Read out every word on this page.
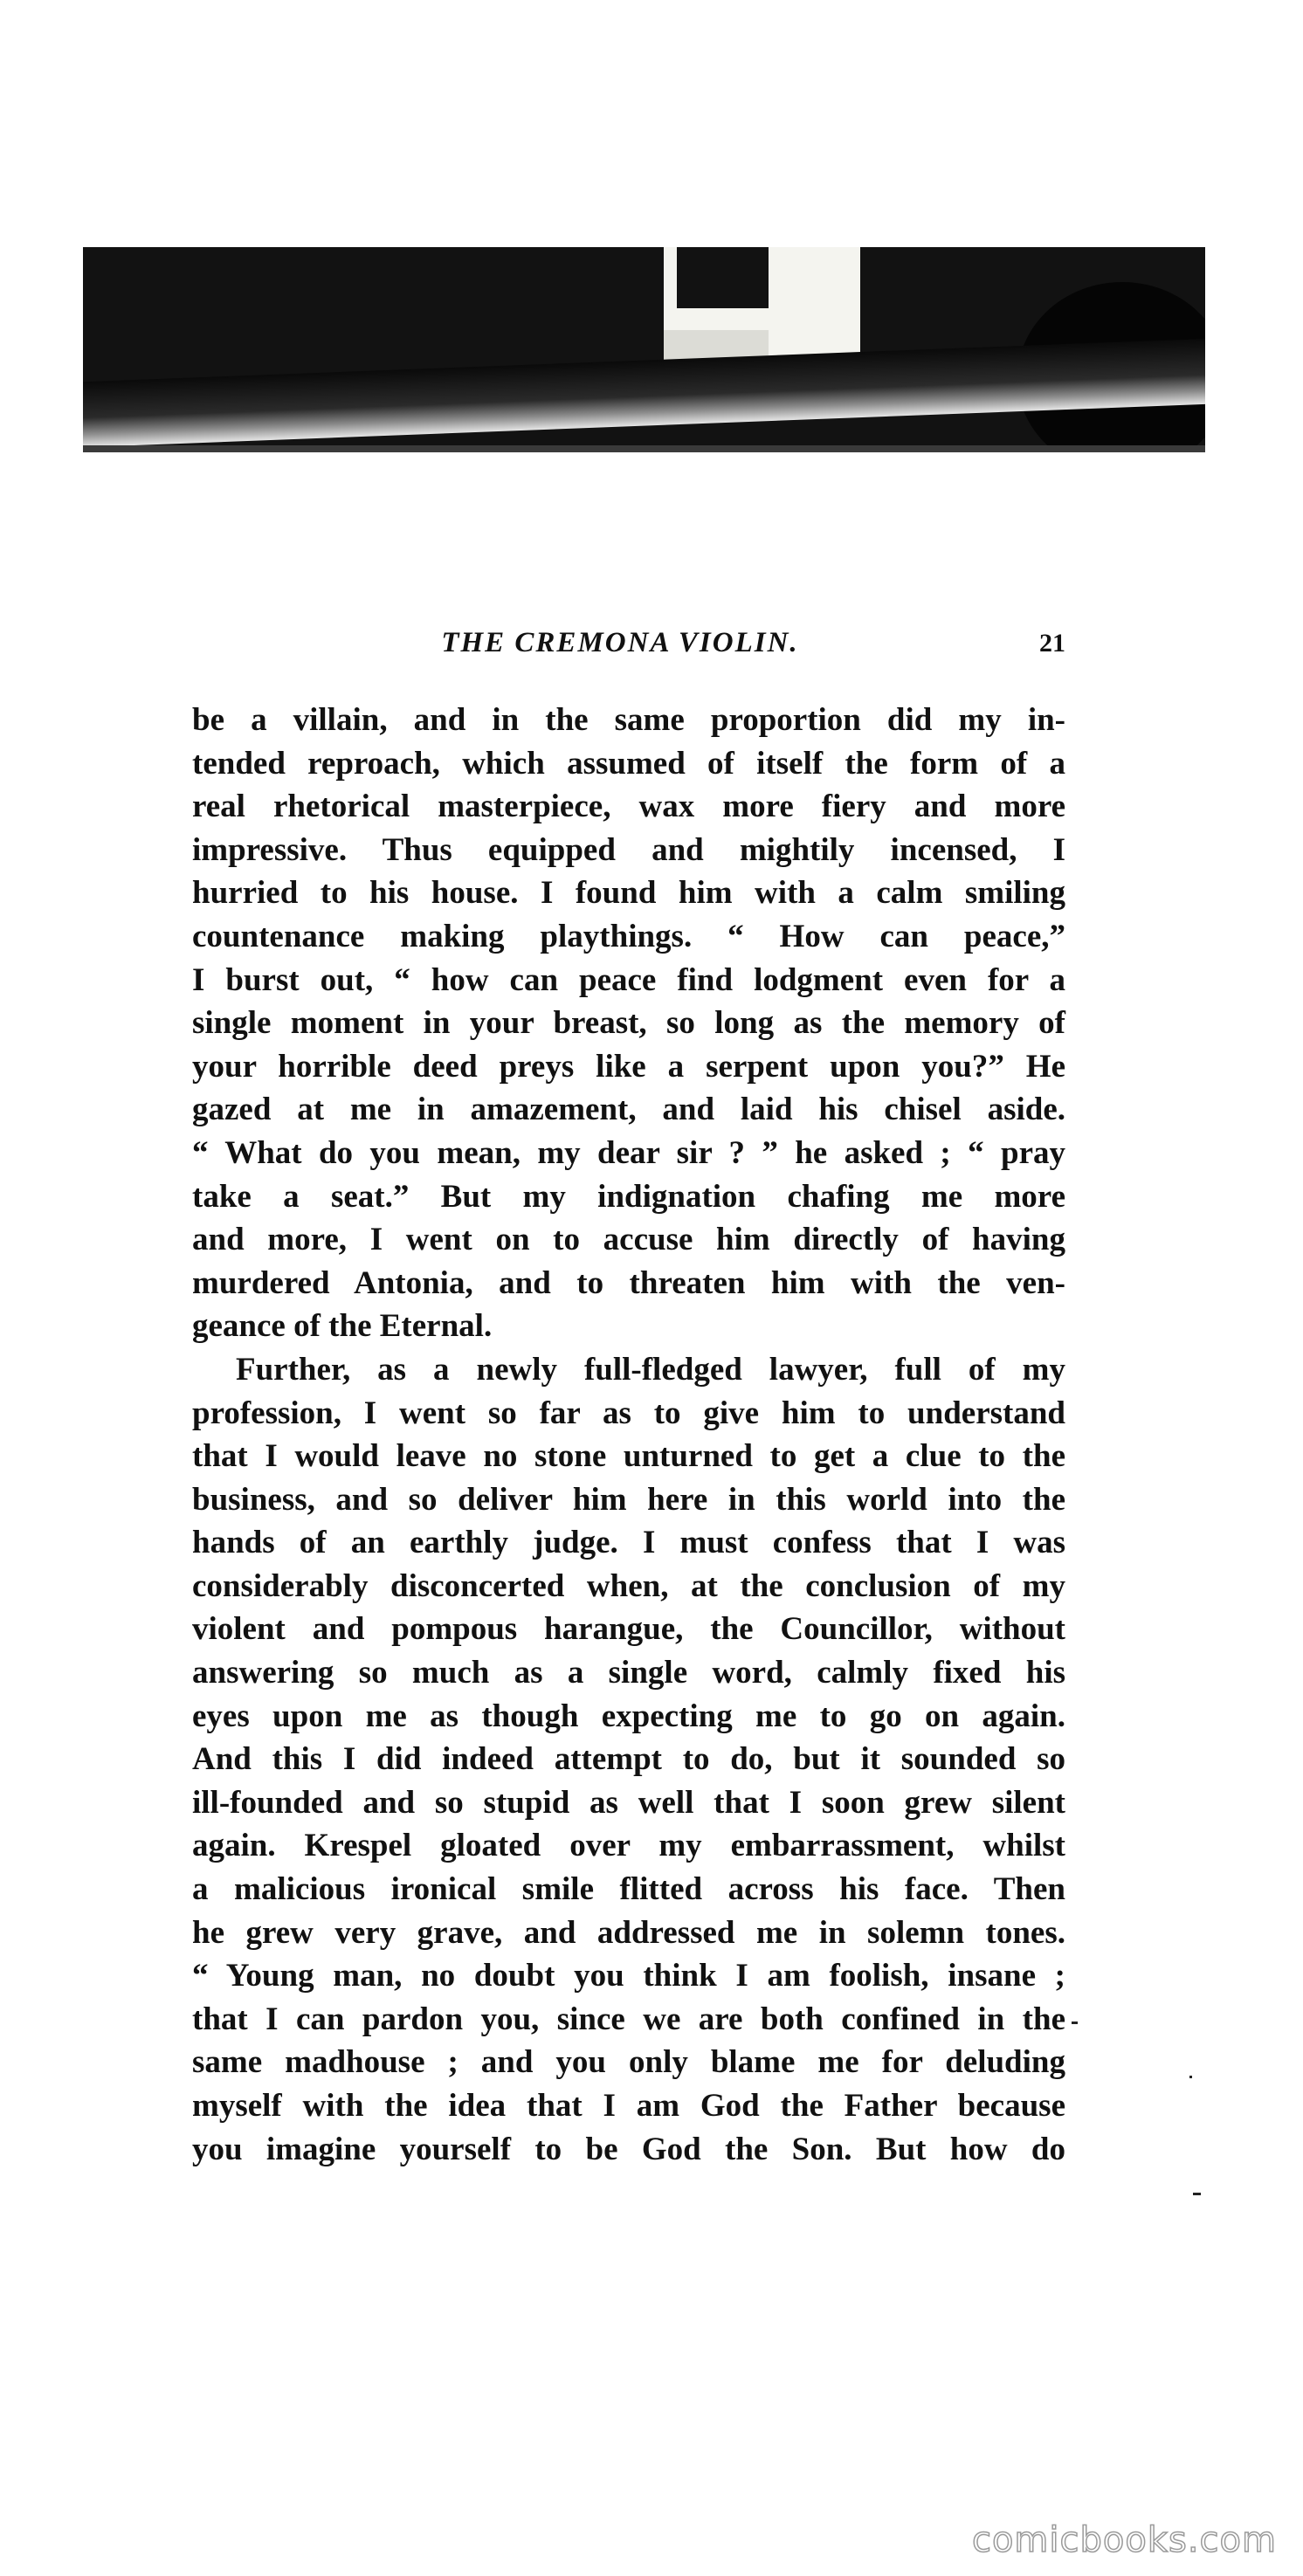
THE CREMONA VIOLIN.	21
be a villain, and in the same proportion did my in-
tended reproach, which assumed of itself the form of a
real rhetorical masterpiece, wax more fiery and more
impressive. Thus equipped and mightily incensed, I
hurried to his house. I found him with a calm smiling
countenance making playthings. “ How can peace,”
I burst out, “ how can peace find lodgment even for a
single moment in your breast, so long as the memory of
your horrible deed preys like a serpent upon you?” He
gazed at me in amazement, and laid his chisel aside.
“ What do you mean, my dear sir ? ” he asked ; “ pray
take a seat.” But my indignation chafing me more
and more, I went on to accuse him directly of having
murdered Antonia, and to threaten him with the ven-
geance of the Eternal.
Further, as a newly full-fledged lawyer, full of my
profession, I went so far as to give him to understand
that I would leave no stone unturned to get a clue to the
business, and so deliver him here in this world into the
hands of an earthly judge. I must confess that I was
considerably disconcerted when, at the conclusion of my
violent and pompous harangue, the Councillor, without
answering so much as a single word, calmly fixed his
eyes upon me as though expecting me to go on again.
And this I did indeed attempt to do, but it sounded so
ill-founded and so stupid as well that I soon grew silent
again. Krespel gloated over my embarrassment, whilst
a malicious ironical smile flitted across his face. Then
he grew very grave, and addressed me in solemn tones.
“ Young man, no doubt you think I am foolish, insane ;
that I can pardon you, since we are both confined in the
same madhouse ; and you only blame me for deluding
myself with the idea that I am God the Father because
you imagine yourself to be God the Son. But how do
comicbooks.com
